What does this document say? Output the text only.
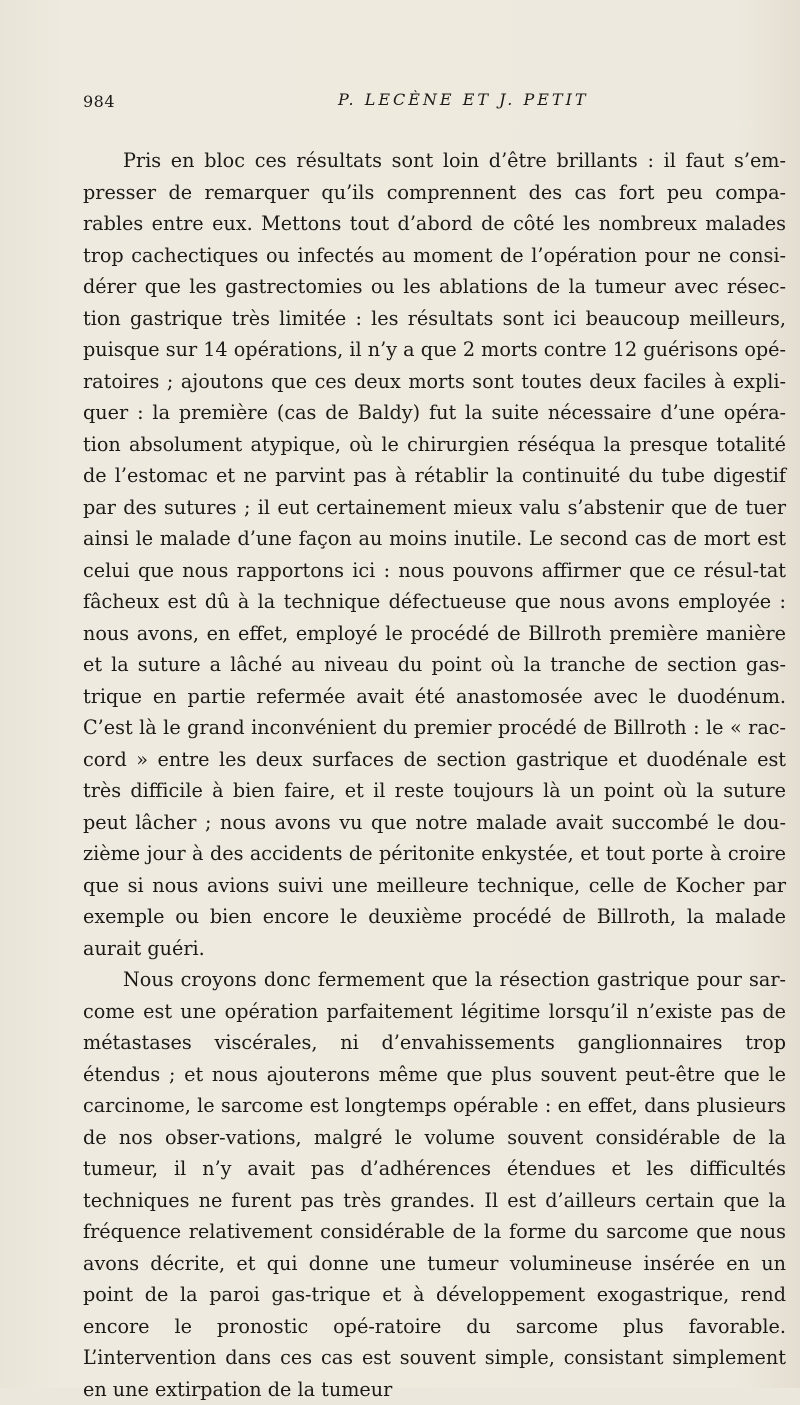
984	P. LECÈNE ET J. PETIT

Pris en bloc ces résultats sont loin d’être brillants : il faut s’em-presser de remarquer qu’ils comprennent des cas fort peu compa-rables entre eux. Mettons tout d’abord de côté les nombreux malades trop cachectiques ou infectés au moment de l’opération pour ne consi-dérer que les gastrectomies ou les ablations de la tumeur avec résec-tion gastrique très limitée : les résultats sont ici beaucoup meilleurs, puisque sur 14 opérations, il n’y a que 2 morts contre 12 guérisons opé-ratoires ; ajoutons que ces deux morts sont toutes deux faciles à expli-quer : la première (cas de Baldy) fut la suite nécessaire d’une opéra-tion absolument atypique, où le chirurgien réséqua la presque totalité de l’estomac et ne parvint pas à rétablir la continuité du tube digestif par des sutures ; il eut certainement mieux valu s’abstenir que de tuer ainsi le malade d’une façon au moins inutile. Le second cas de mort est celui que nous rapportons ici : nous pouvons affirmer que ce résul-tat fâcheux est dû à la technique défectueuse que nous avons employée : nous avons, en effet, employé le procédé de Billroth première manière et la suture a lâché au niveau du point où la tranche de section gas-trique en partie refermée avait été anastomosée avec le duodénum. C’est là le grand inconvénient du premier procédé de Billroth : le « rac-cord » entre les deux surfaces de section gastrique et duodénale est très difficile à bien faire, et il reste toujours là un point où la suture peut lâcher ; nous avons vu que notre malade avait succombé le dou-zième jour à des accidents de péritonite enkystée, et tout porte à croire que si nous avions suivi une meilleure technique, celle de Kocher par exemple ou bien encore le deuxième procédé de Billroth, la malade aurait guéri.

Nous croyons donc fermement que la résection gastrique pour sar-come est une opération parfaitement légitime lorsqu’il n’existe pas de métastases viscérales, ni d’envahissements ganglionnaires trop étendus ; et nous ajouterons même que plus souvent peut-être que le carcinome, le sarcome est longtemps opérable : en effet, dans plusieurs de nos obser-vations, malgré le volume souvent considérable de la tumeur, il n’y avait pas d’adhérences étendues et les difficultés techniques ne furent pas très grandes. Il est d’ailleurs certain que la fréquence relativement considérable de la forme du sarcome que nous avons décrite, et qui donne une tumeur volumineuse insérée en un point de la paroi gas-trique et à développement exogastrique, rend encore le pronostic opé-ratoire du sarcome plus favorable. L’intervention dans ces cas est souvent simple, consistant simplement en une extirpation de la tumeur
